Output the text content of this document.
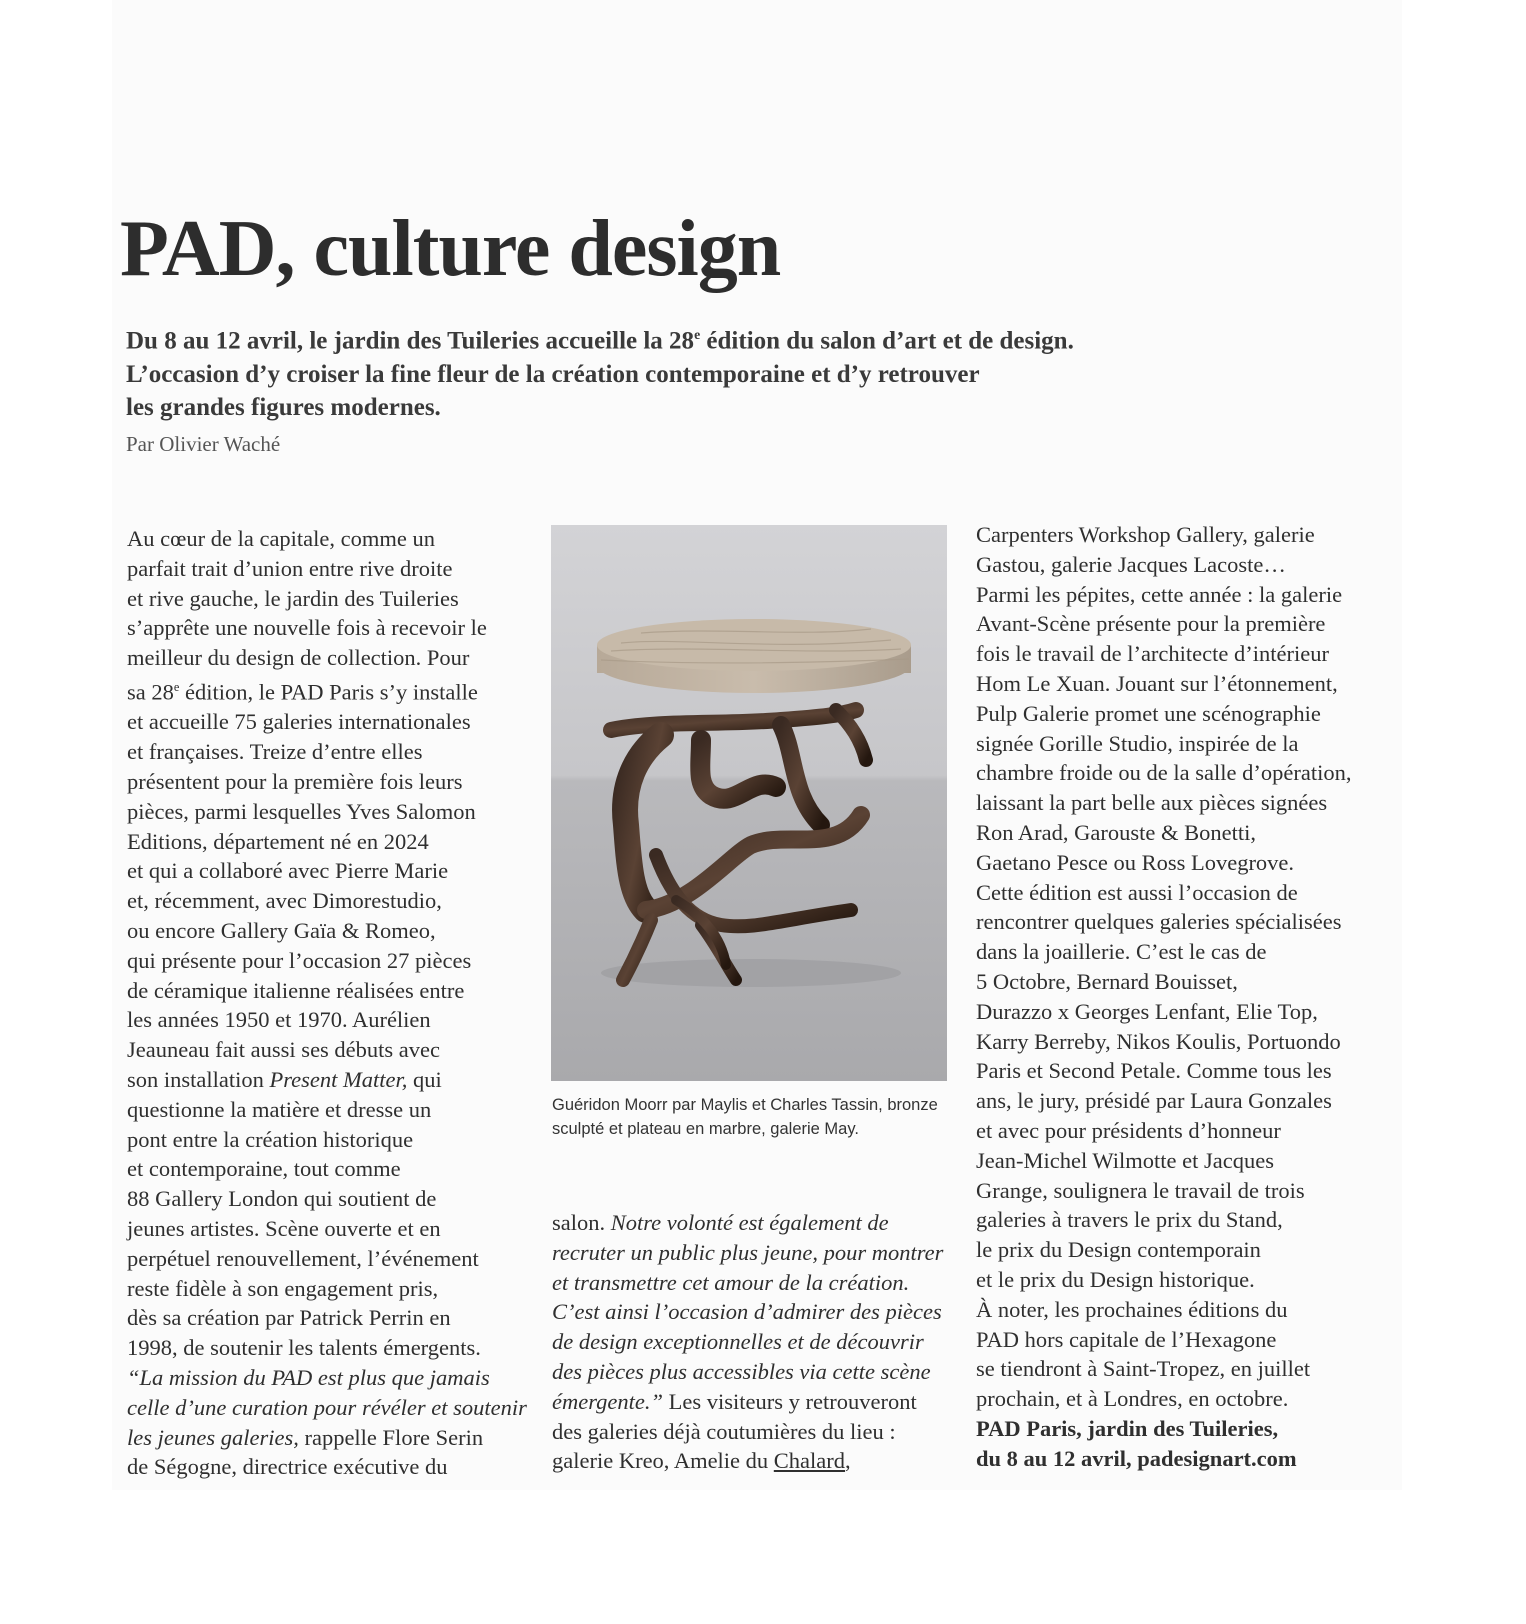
PAD, culture design
Du 8 au 12 avril, le jardin des Tuileries accueille la 28e édition du salon d’art et de design.
L’occasion d’y croiser la fine fleur de la création contemporaine et d’y retrouver
les grandes figures modernes.
Par Olivier Waché
Au cœur de la capitale, comme un
parfait trait d’union entre rive droite
et rive gauche, le jardin des Tuileries
s’apprête une nouvelle fois à recevoir le
meilleur du design de collection. Pour
sa 28e édition, le PAD Paris s’y installe
et accueille 75 galeries internationales
et françaises. Treize d’entre elles
présentent pour la première fois leurs
pièces, parmi lesquelles Yves Salomon
Editions, département né en 2024
et qui a collaboré avec Pierre Marie
et, récemment, avec Dimorestudio,
ou encore Gallery Gaïa & Romeo,
qui présente pour l’occasion 27 pièces
de céramique italienne réalisées entre
les années 1950 et 1970. Aurélien
Jeauneau fait aussi ses débuts avec
son installation Present Matter, qui
questionne la matière et dresse un
pont entre la création historique
et contemporaine, tout comme
88 Gallery London qui soutient de
jeunes artistes. Scène ouverte et en
perpétuel renouvellement, l’événement
reste fidèle à son engagement pris,
dès sa création par Patrick Perrin en
1998, de soutenir les talents émergents.
“La mission du PAD est plus que jamais
celle d’une curation pour révéler et soutenir
les jeunes galeries, rappelle Flore Serin
de Ségogne, directrice exécutive du
Guéridon Moorr par Maylis et Charles Tassin, bronze
sculpté et plateau en marbre, galerie May.
salon. Notre volonté est également de
recruter un public plus jeune, pour montrer
et transmettre cet amour de la création.
C’est ainsi l’occasion d’admirer des pièces
de design exceptionnelles et de découvrir
des pièces plus accessibles via cette scène
émergente.” Les visiteurs y retrouveront
des galeries déjà coutumières du lieu :
galerie Kreo, Amelie du Chalard,
Carpenters Workshop Gallery, galerie
Gastou, galerie Jacques Lacoste…
Parmi les pépites, cette année : la galerie
Avant-Scène présente pour la première
fois le travail de l’architecte d’intérieur
Hom Le Xuan. Jouant sur l’étonnement,
Pulp Galerie promet une scénographie
signée Gorille Studio, inspirée de la
chambre froide ou de la salle d’opération,
laissant la part belle aux pièces signées
Ron Arad, Garouste & Bonetti,
Gaetano Pesce ou Ross Lovegrove.
Cette édition est aussi l’occasion de
rencontrer quelques galeries spécialisées
dans la joaillerie. C’est le cas de
5 Octobre, Bernard Bouisset,
Durazzo x Georges Lenfant, Elie Top,
Karry Berreby, Nikos Koulis, Portuondo
Paris et Second Petale. Comme tous les
ans, le jury, présidé par Laura Gonzales
et avec pour présidents d’honneur
Jean-Michel Wilmotte et Jacques
Grange, soulignera le travail de trois
galeries à travers le prix du Stand,
le prix du Design contemporain
et le prix du Design historique.
À noter, les prochaines éditions du
PAD hors capitale de l’Hexagone
se tiendront à Saint-Tropez, en juillet
prochain, et à Londres, en octobre.
PAD Paris, jardin des Tuileries,
du 8 au 12 avril, padesignart.com
